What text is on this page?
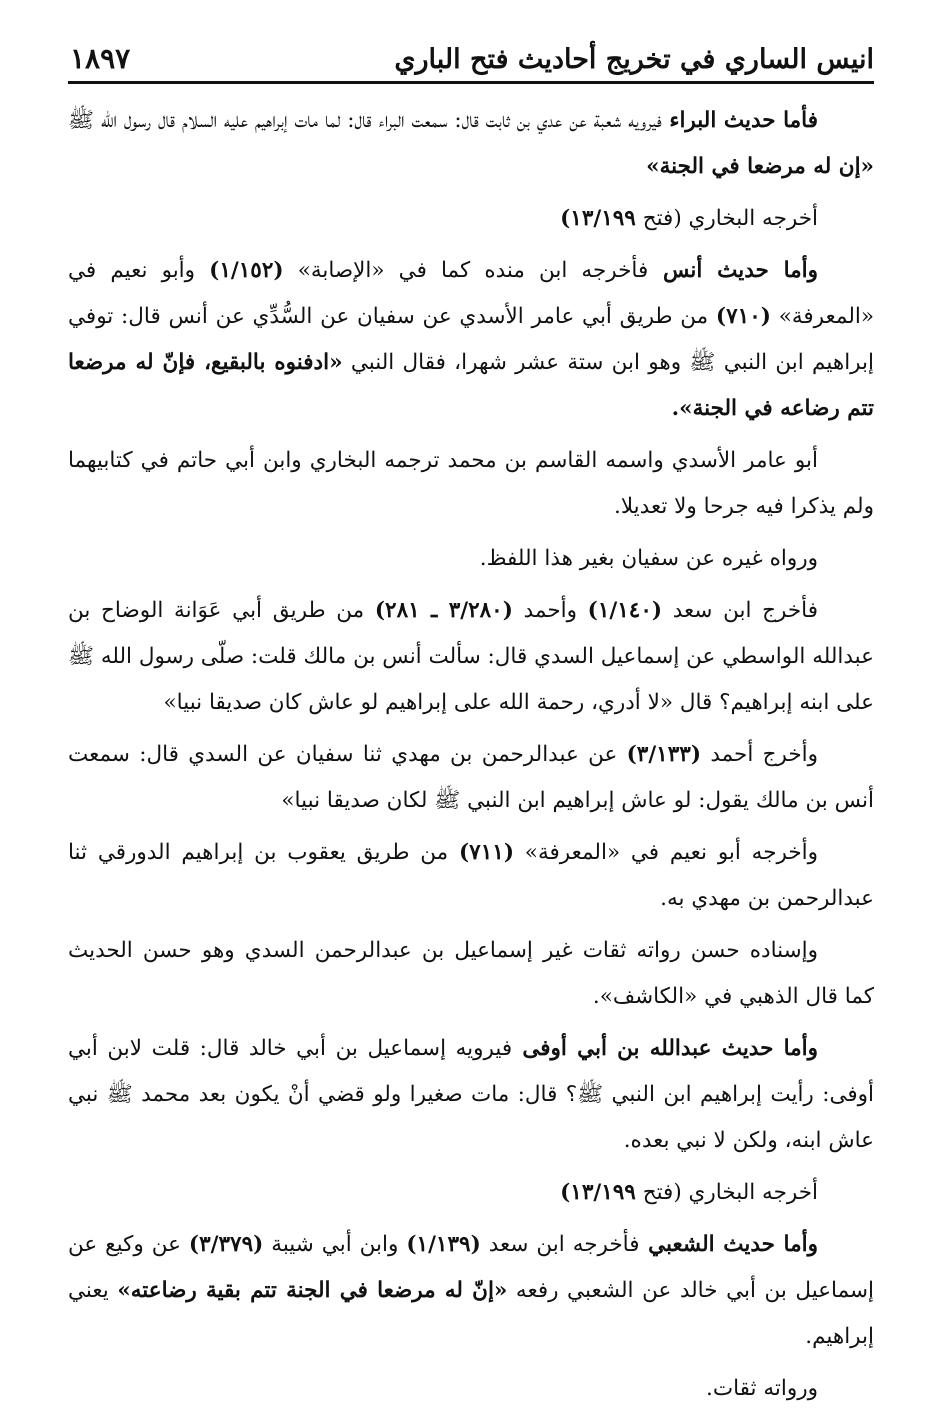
انيس الساري في تخريج أحاديث فتح الباري
١٨٩٧

فأما حديث البراء فيرويه شعبة عن عدي بن ثابت قال: سمعت البراء قال: لما مات إبراهيم عليه السلام قال رسول الله ﷺ «إن له مرضعا في الجنة»

أخرجه البخاري (فتح ١٣/١٩٩)

وأما حديث أنس فأخرجه ابن منده كما في «الإصابة» (١/١٥٢) وأبو نعيم في «المعرفة» (٧١٠) من طريق أبي عامر الأسدي عن سفيان عن السُّدِّي عن أنس قال: توفي إبراهيم ابن النبي ﷺ وهو ابن ستة عشر شهرا، فقال النبي «ادفنوه بالبقيع، فإنّ له مرضعا تتم رضاعه في الجنة».

أبو عامر الأسدي واسمه القاسم بن محمد ترجمه البخاري وابن أبي حاتم في كتابيهما ولم يذكرا فيه جرحا ولا تعديلا.

ورواه غيره عن سفيان بغير هذا اللفظ.

فأخرج ابن سعد (١/١٤٠) وأحمد (٣/٢٨٠ ـ ٢٨١) من طريق أبي عَوَانة الوضاح بن عبدالله الواسطي عن إسماعيل السدي قال: سألت أنس بن مالك قلت: صلّى رسول الله ﷺ على ابنه إبراهيم؟ قال «لا أدري، رحمة الله على إبراهيم لو عاش كان صديقا نبيا»

وأخرج أحمد (٣/١٣٣) عن عبدالرحمن بن مهدي ثنا سفيان عن السدي قال: سمعت أنس بن مالك يقول: لو عاش إبراهيم ابن النبي ﷺ لكان صديقا نبيا»

وأخرجه أبو نعيم في «المعرفة» (٧١١) من طريق يعقوب بن إبراهيم الدورقي ثنا عبدالرحمن بن مهدي به.

وإسناده حسن رواته ثقات غير إسماعيل بن عبدالرحمن السدي وهو حسن الحديث كما قال الذهبي في «الكاشف».

وأما حديث عبدالله بن أبي أوفى فيرويه إسماعيل بن أبي خالد قال: قلت لابن أبي أوفى: رأيت إبراهيم ابن النبي ﷺ؟ قال: مات صغيرا ولو قضي أنْ يكون بعد محمد ﷺ نبي عاش ابنه، ولكن لا نبي بعده.

أخرجه البخاري (فتح ١٣/١٩٩)

وأما حديث الشعبي فأخرجه ابن سعد (١/١٣٩) وابن أبي شيبة (٣/٣٧٩) عن وكيع عن إسماعيل بن أبي خالد عن الشعبي رفعه «إنّ له مرضعا في الجنة تتم بقية رضاعته» يعني إبراهيم.

ورواته ثقات.
